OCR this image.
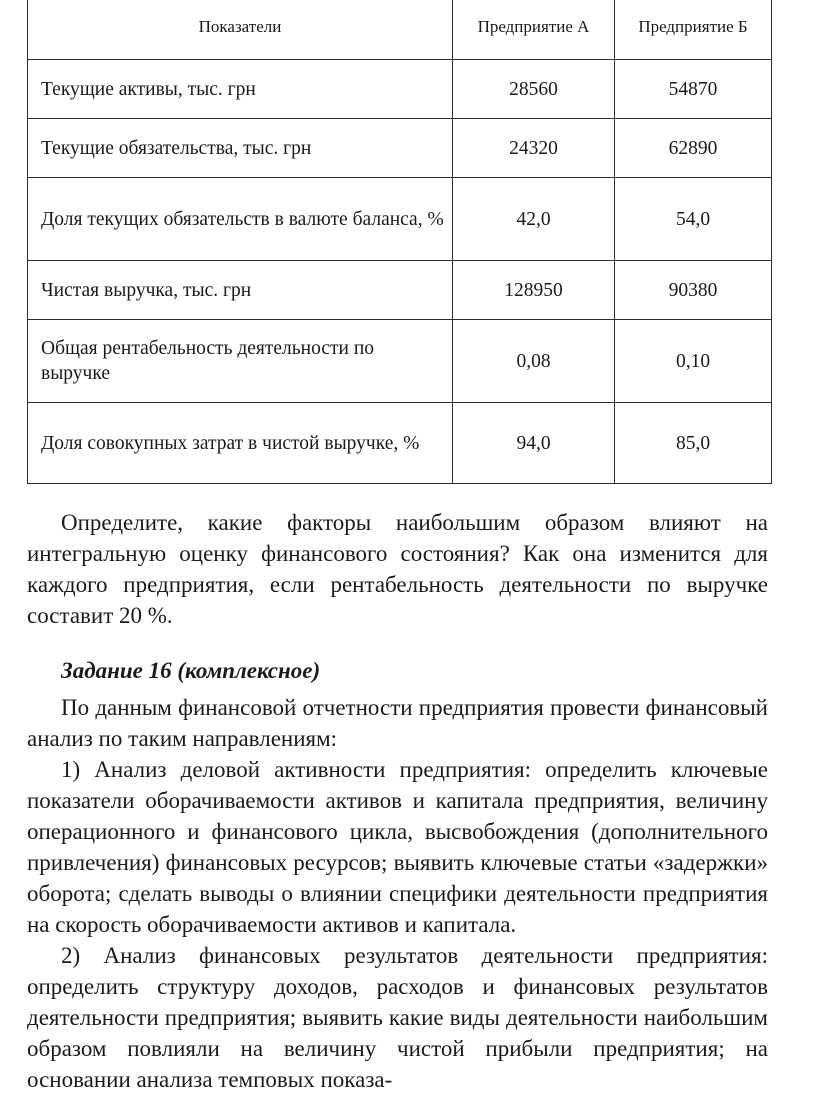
Показатели	Предприятие А	Предприятие Б
Текущие активы, тыс. грн	28560	54870
Текущие обязательства, тыс. грн	24320	62890
Доля текущих обязательств в валюте баланса, %	42,0	54,0
Чистая выручка, тыс. грн	128950	90380
Общая рентабельность деятельности по выручке	0,08	0,10
Доля совокупных затрат в чистой выручке, %	94,0	85,0

Определите, какие факторы наибольшим образом влияют на интегральную оценку финансового состояния? Как она изменится для каждого предприятия, если рентабельность деятельности по выручке составит 20 %.

Задание 16 (комплексное)

По данным финансовой отчетности предприятия провести финансовый анализ по таким направлениям:

1) Анализ деловой активности предприятия: определить ключевые показатели оборачиваемости активов и капитала предприятия, величину операционного и финансового цикла, высвобождения (дополнительного привлечения) финансовых ресурсов; выявить ключевые статьи «задержки» оборота; сделать выводы о влиянии специфики деятельности предприятия на скорость оборачиваемости активов и капитала.

2) Анализ финансовых результатов деятельности предприятия: определить структуру доходов, расходов и финансовых результатов деятельности предприятия; выявить какие виды деятельности наибольшим образом повлияли на величину чистой прибыли предприятия; на основании анализа темповых показа-
